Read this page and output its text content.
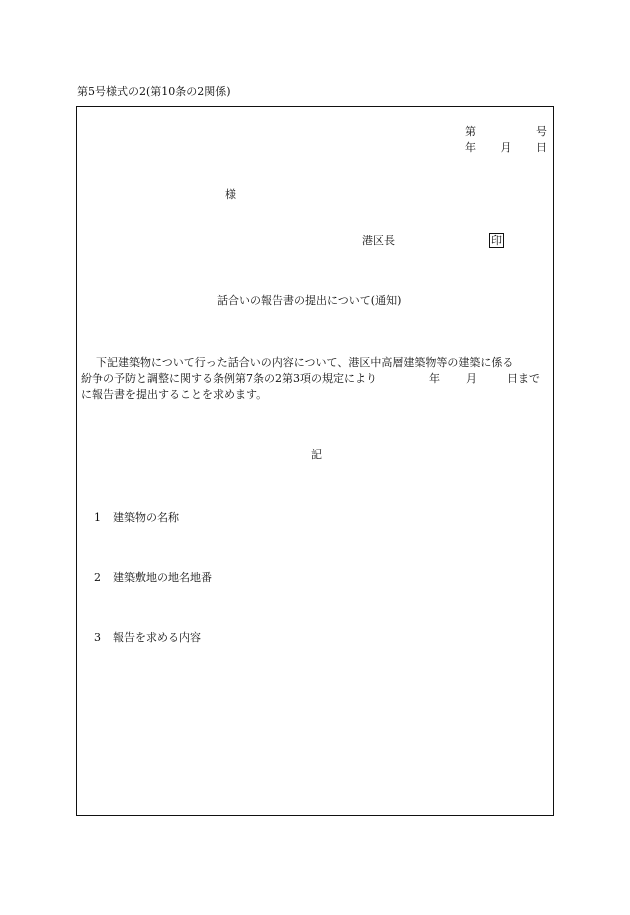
第5号様式の2(第10条の2関係)
第	号
年 月 日
様
港区長	印
話合いの報告書の提出について(通知)
下記建築物について行った話合いの内容について、港区中高層建築物等の建築に係る
紛争の予防と調整に関する条例第7条の2第3項の規定により	年 月	日まで
に報告書を提出することを求めます。
記
1 建築物の名称
2 建築敷地の地名地番
3 報告を求める内容
